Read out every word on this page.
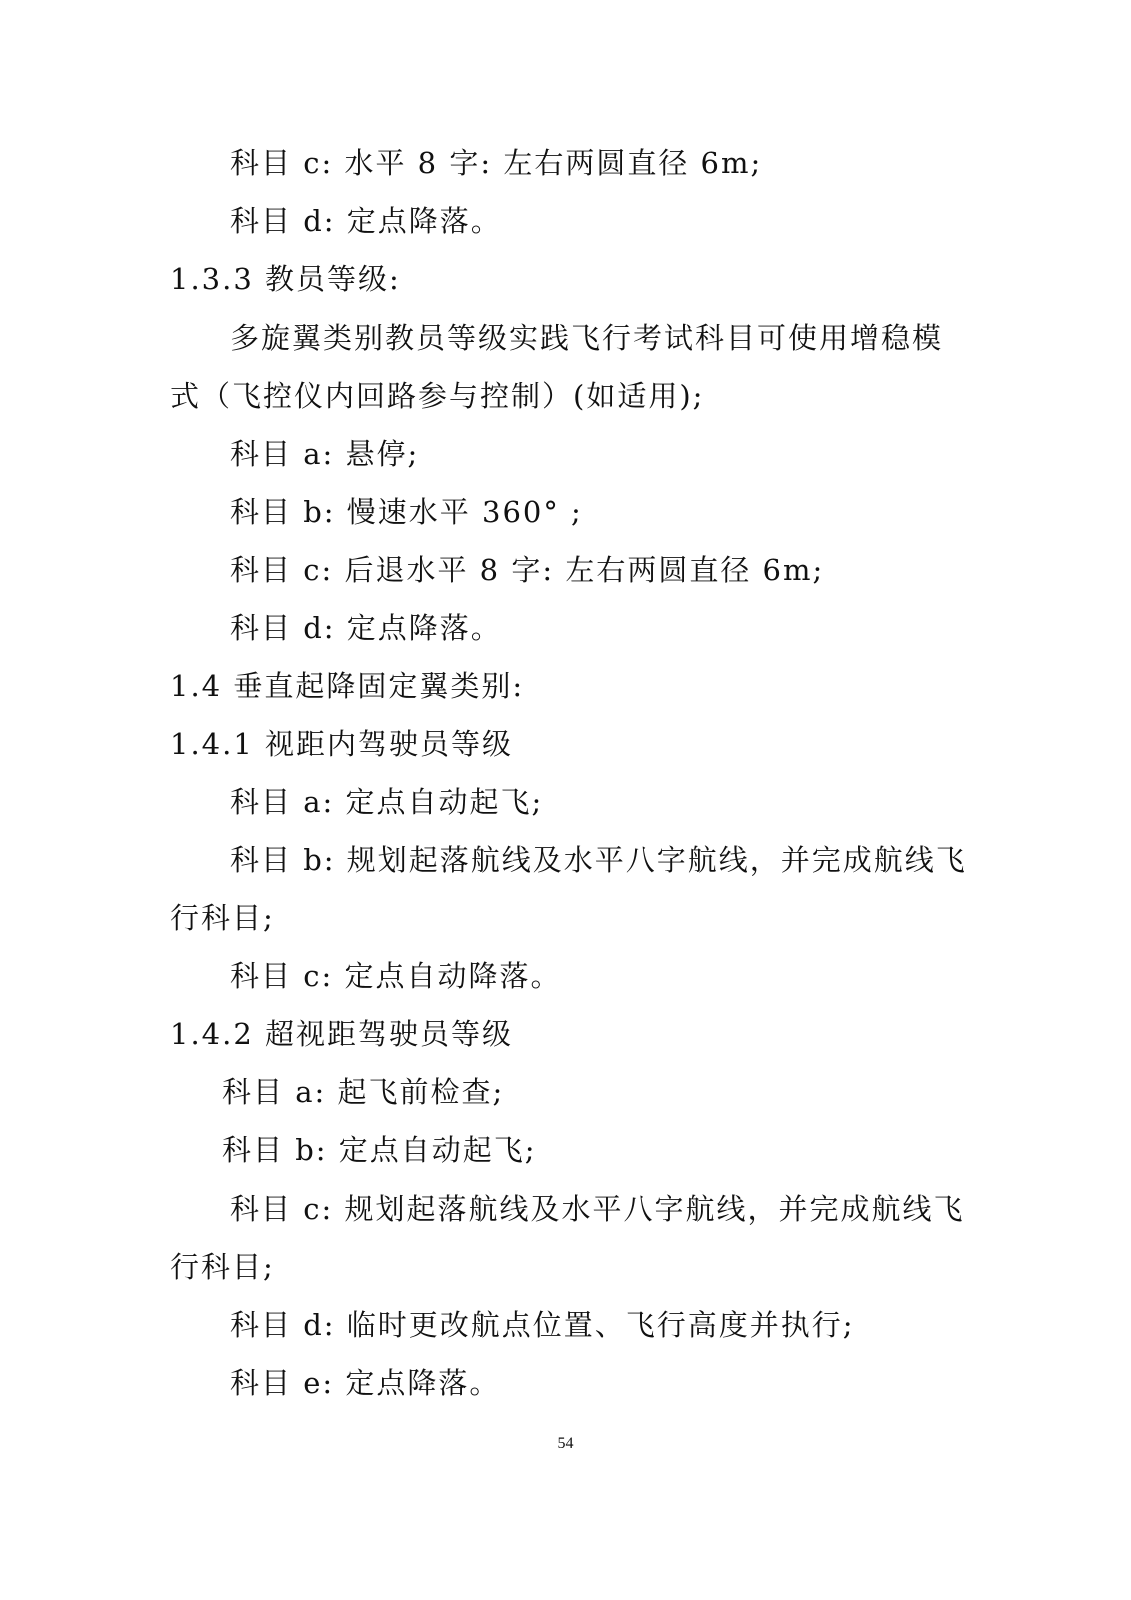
科目 c: 水平 8 字: 左右两圆直径 6m;
科目 d: 定点降落。
1.3.3 教员等级:
多旋翼类别教员等级实践飞行考试科目可使用增稳模
式（飞控仪内回路参与控制）(如适用);
科目 a: 悬停;
科目 b: 慢速水平 360° ;
科目 c: 后退水平 8 字: 左右两圆直径 6m;
科目 d: 定点降落。
1.4 垂直起降固定翼类别:
1.4.1 视距内驾驶员等级
科目 a: 定点自动起飞;
科目 b: 规划起落航线及水平八字航线，并完成航线飞
行科目;
科目 c: 定点自动降落。
1.4.2 超视距驾驶员等级
科目 a: 起飞前检查;
科目 b: 定点自动起飞;
科目 c: 规划起落航线及水平八字航线，并完成航线飞
行科目;
科目 d: 临时更改航点位置、飞行高度并执行;
科目 e: 定点降落。
54
